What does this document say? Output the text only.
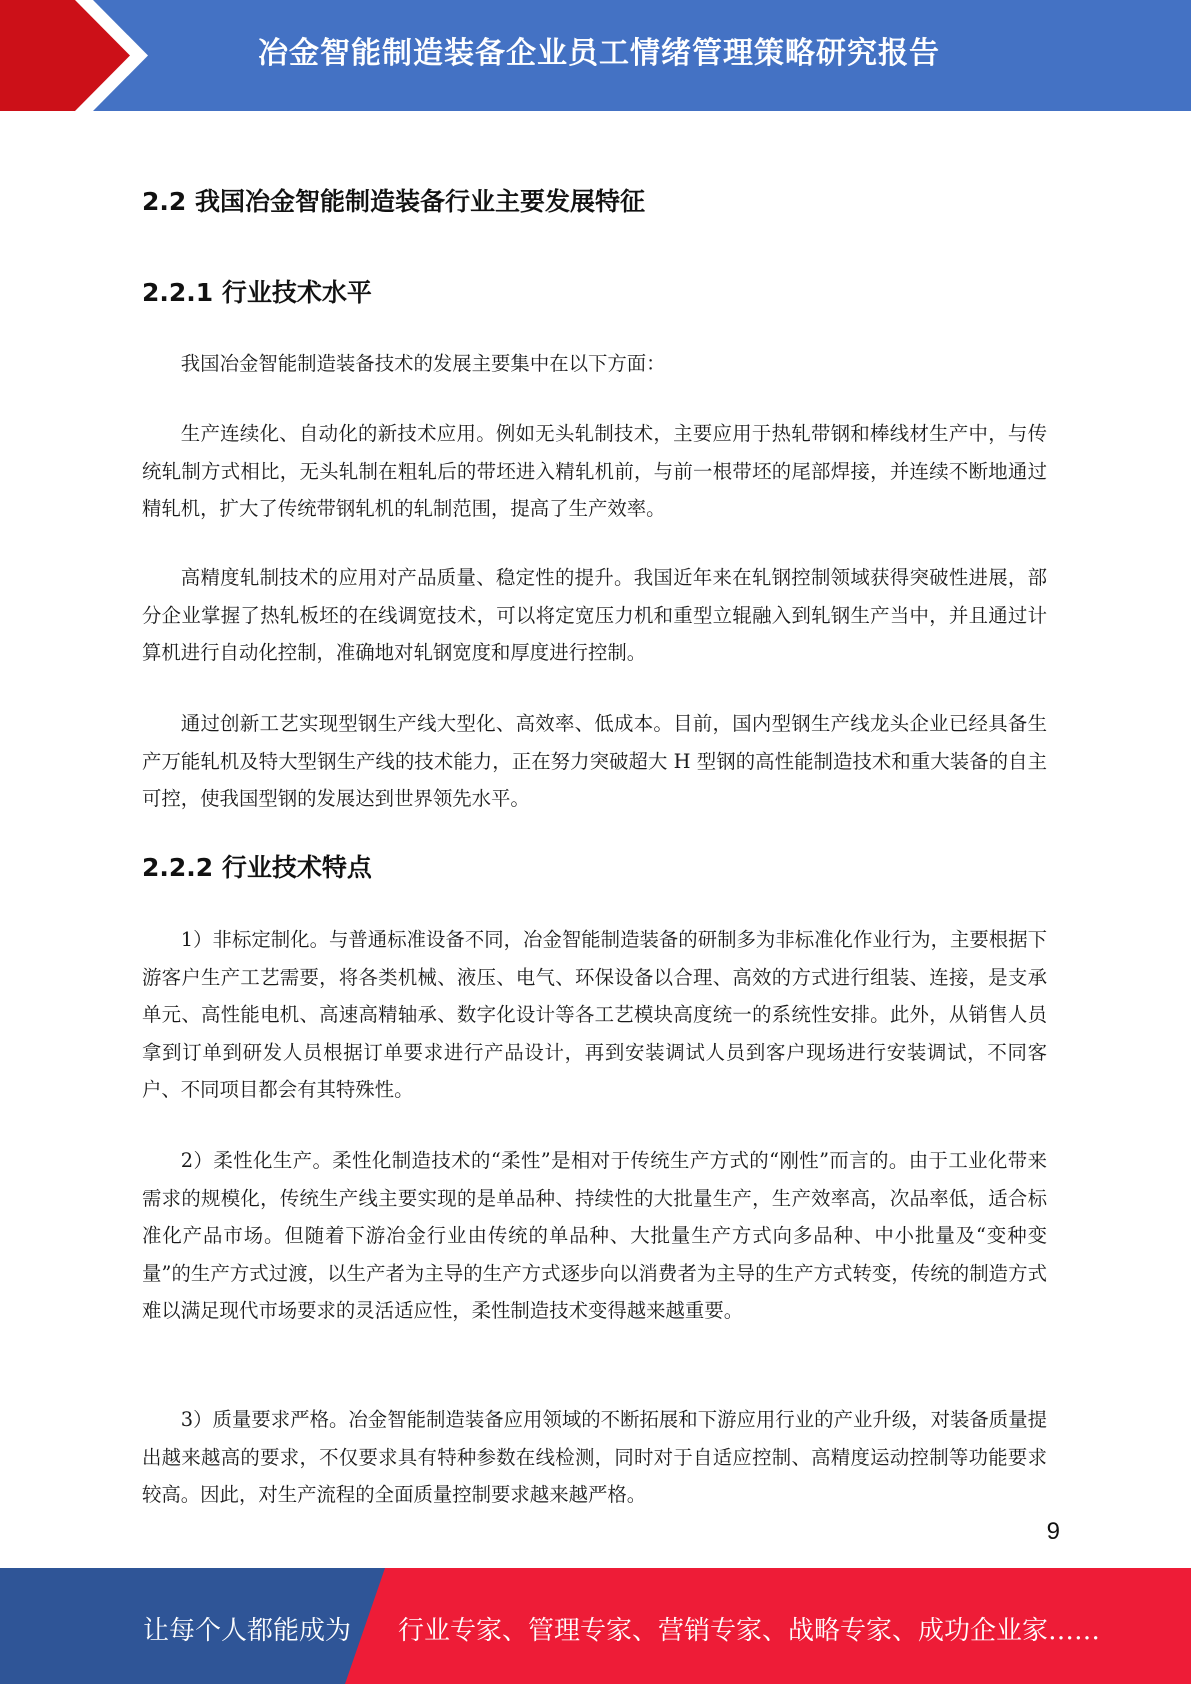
冶金智能制造装备企业员工情绪管理策略研究报告
2.2 我国冶金智能制造装备行业主要发展特征
2.2.1 行业技术水平

我国冶金智能制造装备技术的发展主要集中在以下方面：

生产连续化、自动化的新技术应用。例如无头轧制技术，主要应用于热轧带钢和棒线材生产中，与传统轧制方式相比，无头轧制在粗轧后的带坯进入精轧机前，与前一根带坯的尾部焊接，并连续不断地通过精轧机，扩大了传统带钢轧机的轧制范围，提高了生产效率。

高精度轧制技术的应用对产品质量、稳定性的提升。我国近年来在轧钢控制领域获得突破性进展，部分企业掌握了热轧板坯的在线调宽技术，可以将定宽压力机和重型立辊融入到轧钢生产当中，并且通过计算机进行自动化控制，准确地对轧钢宽度和厚度进行控制。

通过创新工艺实现型钢生产线大型化、高效率、低成本。目前，国内型钢生产线龙头企业已经具备生产万能轧机及特大型钢生产线的技术能力，正在努力突破超大 H 型钢的高性能制造技术和重大装备的自主可控，使我国型钢的发展达到世界领先水平。

2.2.2 行业技术特点

1）非标定制化。与普通标准设备不同，冶金智能制造装备的研制多为非标准化作业行为，主要根据下游客户生产工艺需要，将各类机械、液压、电气、环保设备以合理、高效的方式进行组装、连接，是支承单元、高性能电机、高速高精轴承、数字化设计等各工艺模块高度统一的系统性安排。此外，从销售人员拿到订单到研发人员根据订单要求进行产品设计，再到安装调试人员到客户现场进行安装调试，不同客户、不同项目都会有其特殊性。

2）柔性化生产。柔性化制造技术的“柔性”是相对于传统生产方式的“刚性”而言的。由于工业化带来需求的规模化，传统生产线主要实现的是单品种、持续性的大批量生产，生产效率高，次品率低，适合标准化产品市场。但随着下游冶金行业由传统的单品种、大批量生产方式向多品种、中小批量及“变种变量”的生产方式过渡，以生产者为主导的生产方式逐步向以消费者为主导的生产方式转变，传统的制造方式难以满足现代市场要求的灵活适应性，柔性制造技术变得越来越重要。

3）质量要求严格。冶金智能制造装备应用领域的不断拓展和下游应用行业的产业升级，对装备质量提出越来越高的要求，不仅要求具有特种参数在线检测，同时对于自适应控制、高精度运动控制等功能要求较高。因此，对生产流程的全面质量控制要求越来越严格。

9
让每个人都能成为 行业专家、管理专家、营销专家、战略专家、成功企业家……
